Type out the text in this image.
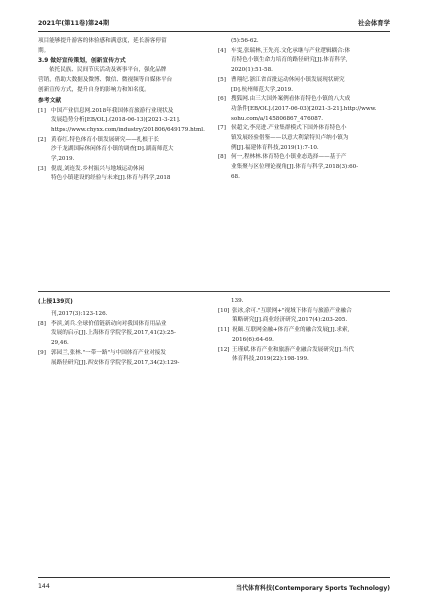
2021年(第11卷)第24期	社会体育学

项目能够提升游客的体验感和满意度，延长游客停留

期。

3.9 做好宣传策划，创新宣传方式

依托民族、民间节庆活动及赛事平台，强化品牌

营销，借助大数据及微博、微信、微视频等自媒体平台

创新宣传方式，提升自身的影响力和知名度。

参考文献

[1] 中国产业信息网.2018年我国体育旅游行业现状及

发展趋势分析[EB/OL].(2018-06-13)[2021-3-21].

https://www.chyxx.com/industry/201806/649179.html.

[2] 黄春红.特色体育小镇发展研究——扎根于长

沙千龙湖国际休闲体育小镇的调查[D].湖南师范大

学,2019.

[3] 倪震,刘连发.乡村振兴与地域运动休闲

特色小镇建设的经验与未来[J].体育与科学,2018

(5):56-62.

[4] 车雯,张瑞林,王先亮.文化承继与产业逻辑耦合:体

育特色小镇生命力培育的路径研究[J].体育科学,

2020(1):51-58.

[5] 曹翔纪.浙江省首批运动休闲小镇发展现状研究

[D].杭州师范大学,2019.

[6] 搜狐网.由三大国外案例看体育特色小镇的八大成

功条件[EB/OL].(2017-06-03)[2021-3-21].http://www.

sohu.com/a/145806867_476087.

[7] 侯超文,李亮进.产业集群模式下国外体育特色小

镇发展经验借鉴——以意大利蒙特贝卢纳小镇为

例[J].福建体育科技,2019(1):7-10.

[8] 何一,程林林.体育特色小镇业态选择——基于产

业集聚与区位理论视角[J].体育与科学,2018(3):60-

68.

(上接139页)

刊,2017(3):123-126.

[8] 李滨,刘兵.全球价值链新动向对我国体育用品业

发展的启示[J].上海体育学院学报,2017,41(2):25-

29,46.

[9] 郭园兰,张林."一带一路"与中国体育产业对接发

展路径研究[J].西安体育学院学报,2017,34(2):129-

139.

[10] 张冰,余可."互联网+"视域下体育与旅游产业融合

策略研究[J].商业经济研究,2017(4):203-205.

[11] 祝颐.互联网金融+体育产业的融合发展[J].求索,

2016(6):64-69.

[12] 王瑾斌.体育产业和旅游产业融合发展研究[J].当代

体育科技,2019(22):198-199.

144	当代体育科技(Contemporary Sports Technology)
